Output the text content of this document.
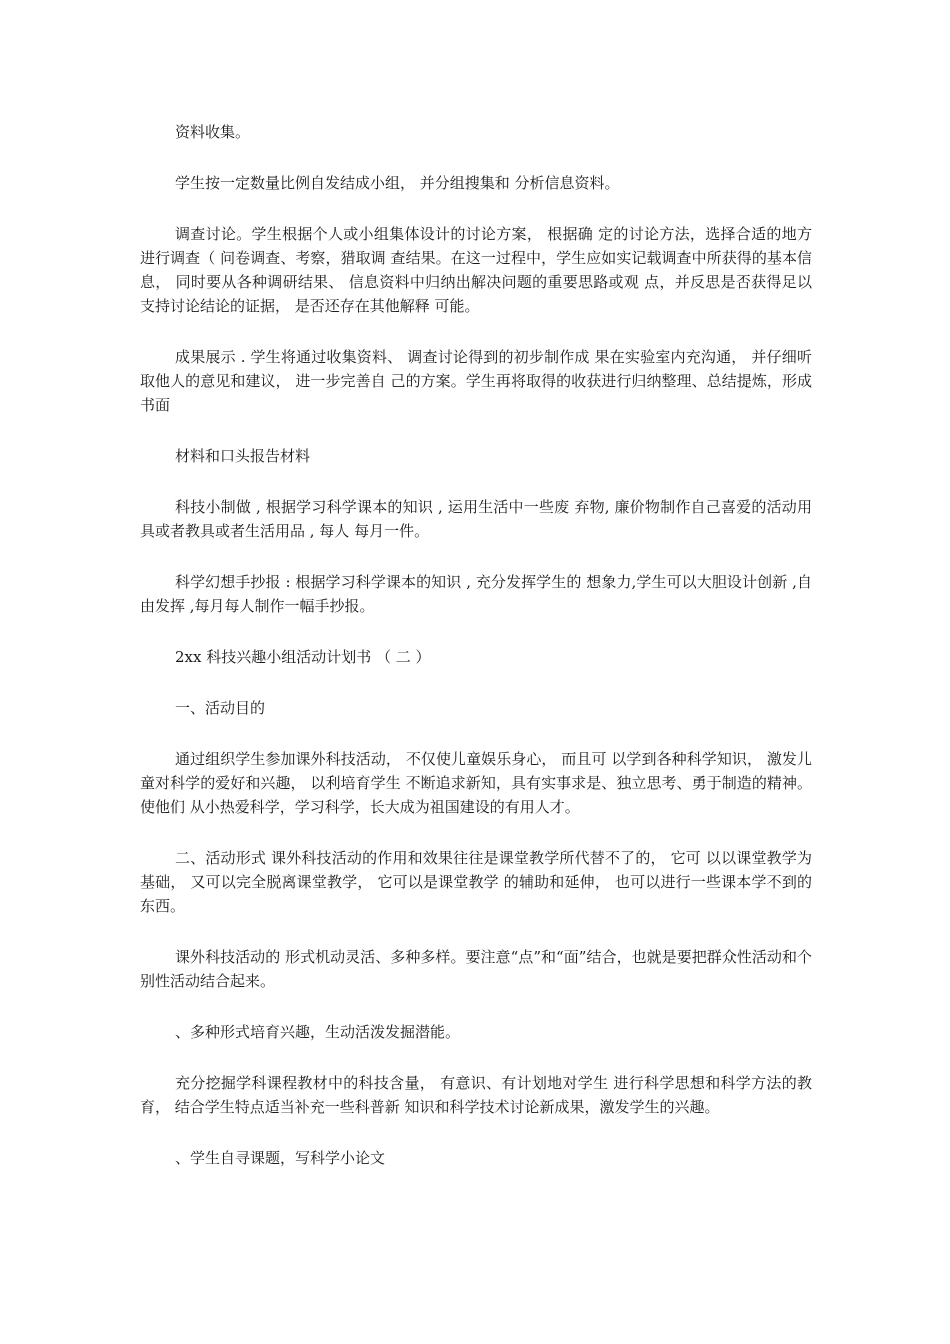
资料收集。

学生按一定数量比例自发结成小组， 并分组搜集和 分析信息资料。

调查讨论。学生根据个人或小组集体设计的讨论方案， 根据确 定的讨论方法，选择合适的地方进行调查（ 问卷调查、考察，猎取调 查结果。在这一过程中，学生应如实记载调查中所获得的基本信息， 同时要从各种调研结果、 信息资料中归纳出解决问题的重要思路或观 点，并反思是否获得足以支持讨论结论的证据， 是否还存在其他解释 可能。

成果展示 . 学生将通过收集资料、 调查讨论得到的初步制作成 果在实验室内充沟通， 并仔细听取他人的意见和建议， 进一步完善自 己的方案。学生再将取得的收获进行归纳整理、总结提炼，形成书面

材料和口头报告材料

科技小制做 , 根据学习科学课本的知识 , 运用生活中一些废 弃物, 廉价物制作自己喜爱的活动用具或者教具或者生活用品 , 每人 每月一件。

科学幻想手抄报 : 根据学习科学课本的知识 , 充分发挥学生的 想象力,学生可以大胆设计创新 ,自由发挥 ,每月每人制作一幅手抄报。

2xx 科技兴趣小组活动计划书 （ 二 ）

一、活动目的

通过组织学生参加课外科技活动， 不仅使儿童娱乐身心， 而且可 以学到各种科学知识， 激发儿童对科学的爱好和兴趣， 以利培育学生 不断追求新知，具有实事求是、独立思考、勇于制造的精神。使他们 从小热爱科学，学习科学，长大成为祖国建设的有用人才。

二、活动形式 课外科技活动的作用和效果往往是课堂教学所代替不了的， 它可 以以课堂教学为基础， 又可以完全脱离课堂教学， 它可以是课堂教学 的辅助和延伸， 也可以进行一些课本学不到的东西。

课外科技活动的 形式机动灵活、多种多样。要注意“点”和“面”结合，也就是要把群众性活动和个别性活动结合起来。

、多种形式培育兴趣，生动活泼发掘潜能。

充分挖掘学科课程教材中的科技含量， 有意识、有计划地对学生 进行科学思想和科学方法的教育， 结合学生特点适当补充一些科普新 知识和科学技术讨论新成果，激发学生的兴趣。

、学生自寻课题，写科学小论文
